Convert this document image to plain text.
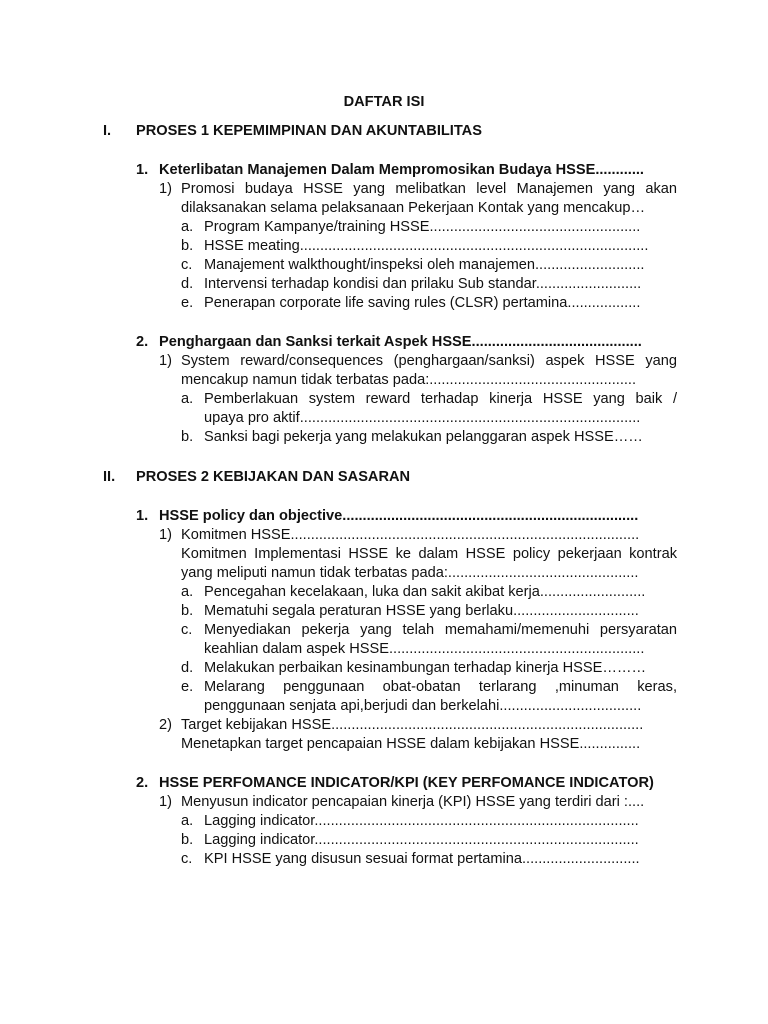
DAFTAR ISI

I. PROSES 1 KEPEMIMPINAN DAN AKUNTABILITAS

1. Keterlibatan Manajemen Dalam Mempromosikan Budaya HSSE............

1) Promosi budaya HSSE yang melibatkan level Manajemen yang akan

dilaksanakan selama pelaksanaan Pekerjaan Kontak yang mencakup…

a. Program Kampanye/training HSSE....................................................

b. HSSE meating......................................................................................

c. Manajement walkthought/inspeksi oleh manajemen...........................

d. Intervensi terhadap kondisi dan prilaku Sub standar..........................

e. Penerapan corporate life saving rules (CLSR) pertamina..................

2. Penghargaan dan Sanksi terkait Aspek HSSE..........................................

1) System reward/consequences (penghargaan/sanksi) aspek HSSE yang

mencakup namun tidak terbatas pada:...................................................

a. Pemberlakuan system reward terhadap kinerja HSSE yang baik /

upaya pro aktif....................................................................................

b. Sanksi bagi pekerja yang melakukan pelanggaran aspek HSSE……

II. PROSES 2 KEBIJAKAN DAN SASARAN

1. HSSE policy dan objective.........................................................................

1) Komitmen HSSE......................................................................................

Komitmen Implementasi HSSE ke dalam HSSE policy pekerjaan kontrak

yang meliputi namun tidak terbatas pada:...............................................

a. Pencegahan kecelakaan, luka dan sakit akibat kerja..........................

b. Mematuhi segala peraturan HSSE yang berlaku...............................

c. Menyediakan pekerja yang telah memahami/memenuhi persyaratan

keahlian dalam aspek HSSE...............................................................

d. Melakukan perbaikan kesinambungan terhadap kinerja HSSE………

e. Melarang penggunaan obat-obatan terlarang ,minuman keras,

penggunaan senjata api,berjudi dan berkelahi...................................

2) Target kebijakan HSSE.............................................................................

Menetapkan target pencapaian HSSE dalam kebijakan HSSE...............

2. HSSE PERFOMANCE INDICATOR/KPI (KEY PERFOMANCE INDICATOR)

1) Menyusun indicator pencapaian kinerja (KPI) HSSE yang terdiri dari :....

a. Lagging indicator................................................................................

b. Lagging indicator................................................................................

c. KPI HSSE yang disusun sesuai format pertamina.............................
